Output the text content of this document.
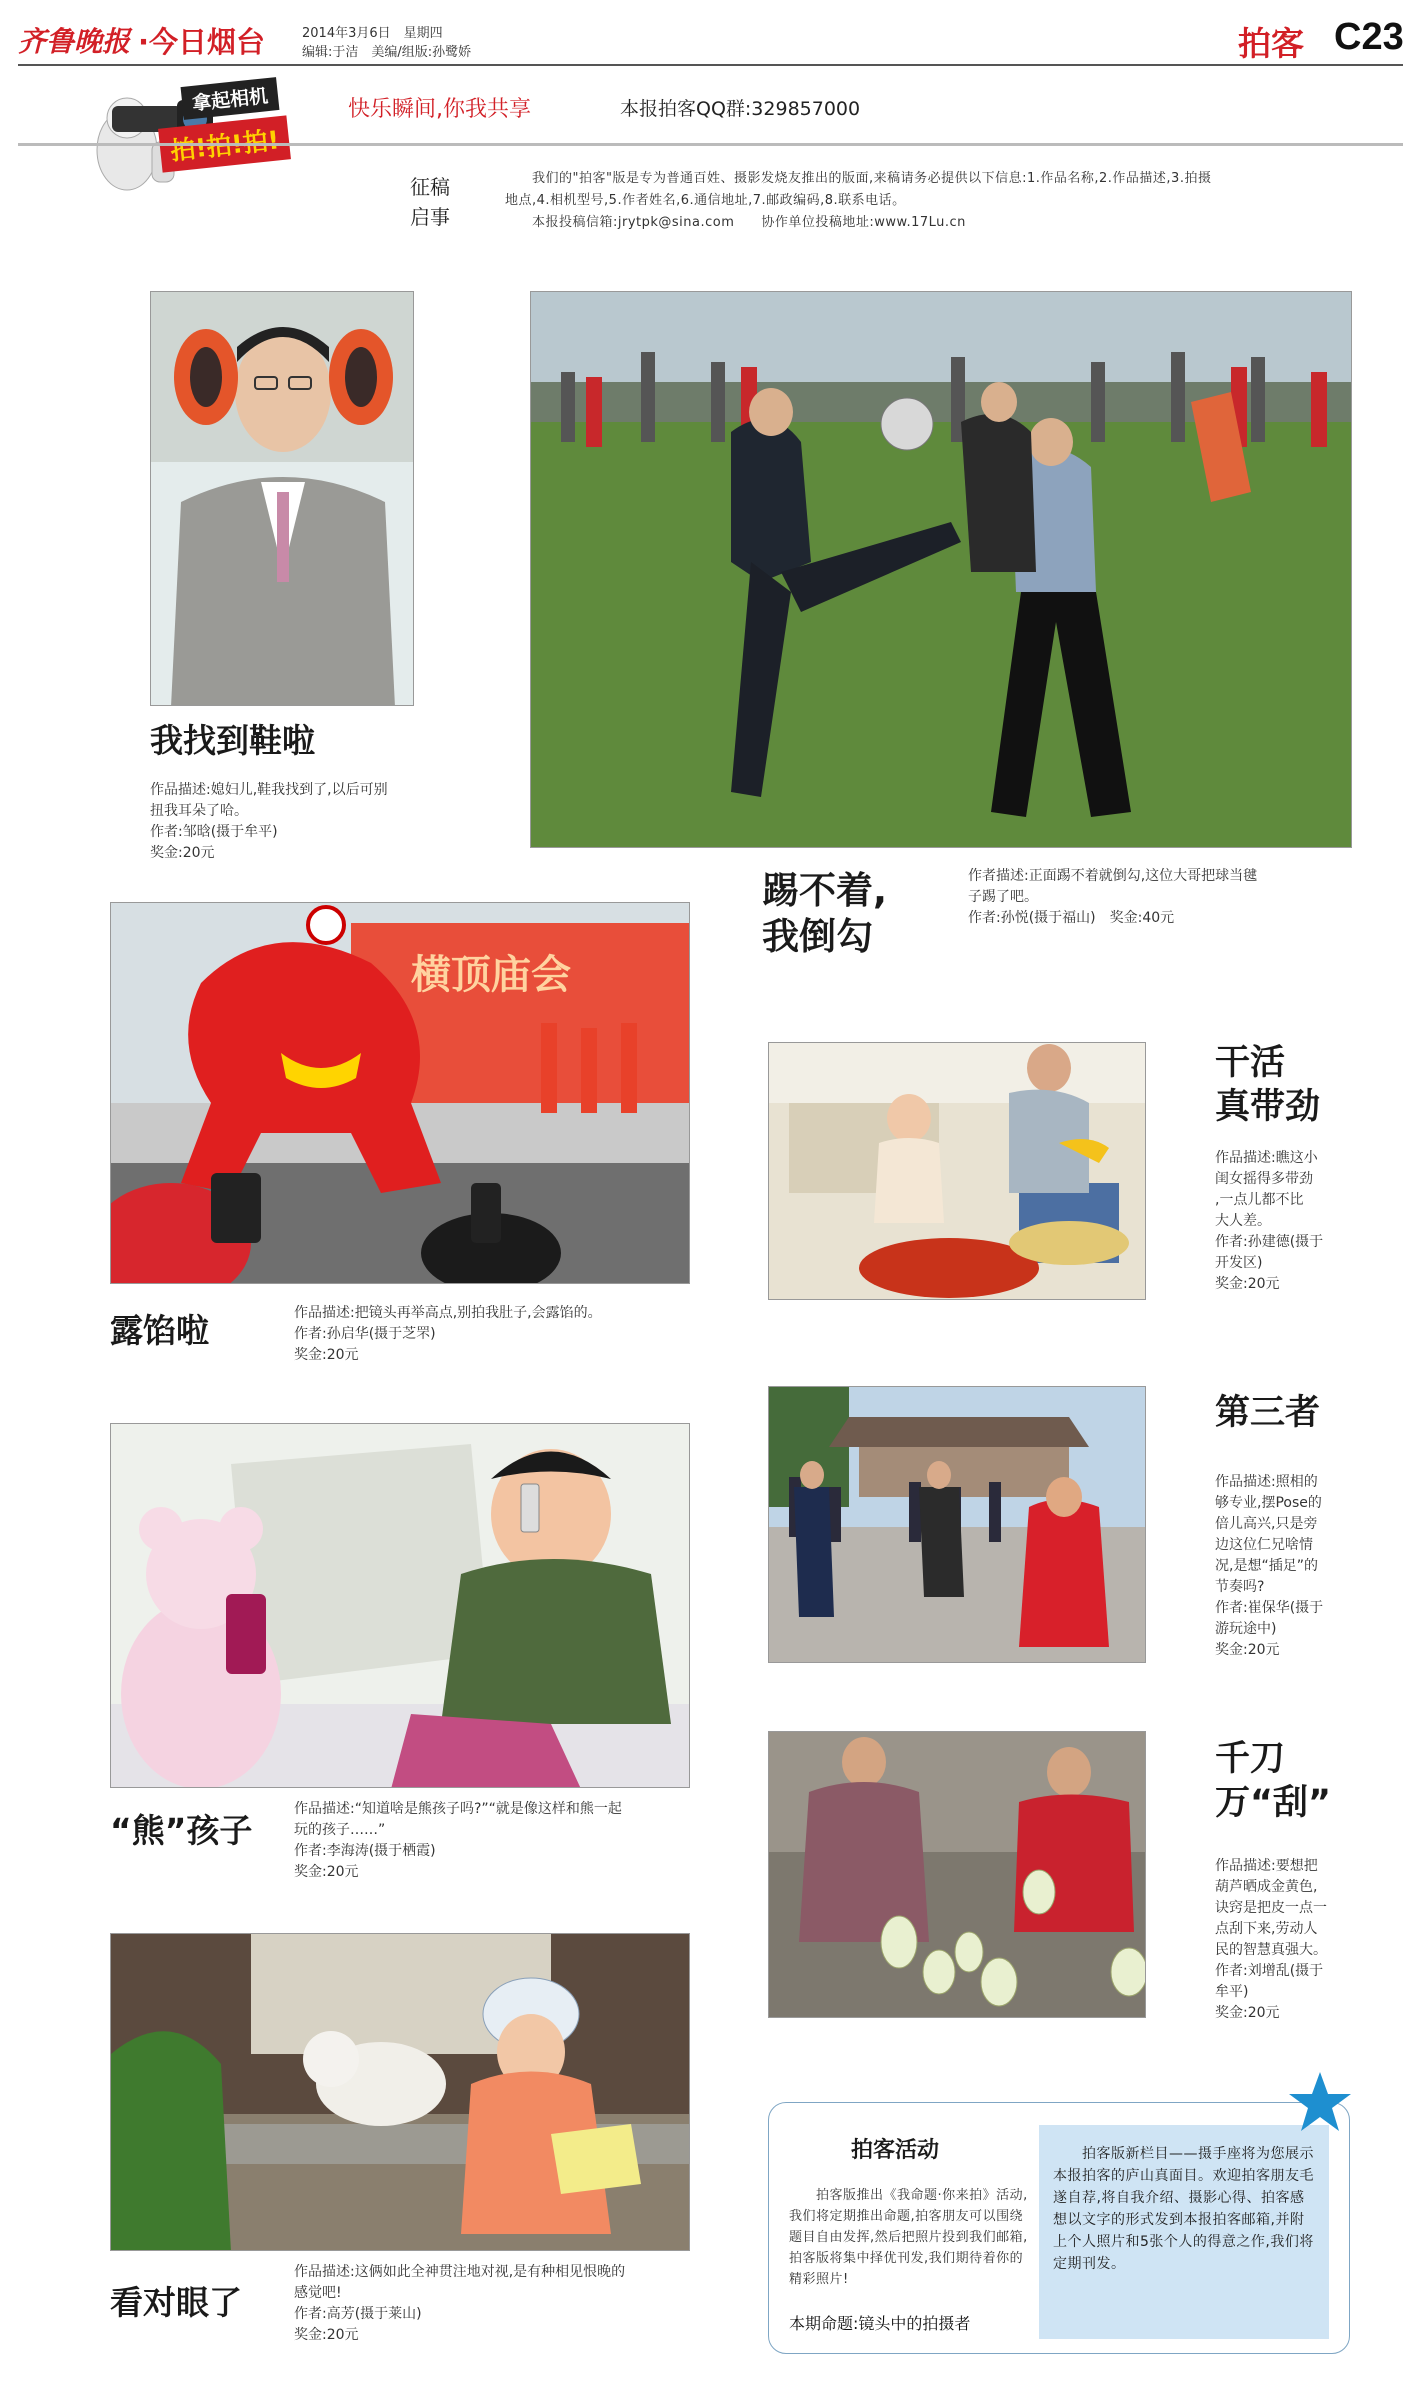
齐鲁晚报 ·今日烟台	2014年3月6日　星期四
编辑:于洁　美编/组版:孙鹭娇	拍客 C23
拿起相机
拍!拍!拍!
快乐瞬间,你我共享	本报拍客QQ群:329857000
征稿
启事
　　我们的"拍客"版是专为普通百姓、摄影发烧友推出的版面,来稿请务必提供以下信息:1.作品名称,2.作品描述,3.拍摄地点,4.相机型号,5.作者姓名,6.通信地址,7.邮政编码,8.联系电话。
　　本报投稿信箱:jrytpk@sina.com　　协作单位投稿地址:www.17Lu.cn
我找到鞋啦
作品描述:媳妇儿,鞋我找到了,以后可别
扭我耳朵了哈。
作者:邹晗(摄于牟平)
奖金:20元
踢不着,
我倒勾
作者描述:正面踢不着就倒勾,这位大哥把球当毽
子踢了吧。
作者:孙悦(摄于福山)　奖金:40元
横顶庙会
露馅啦	作品描述:把镜头再举高点,别拍我肚子,会露馅的。
作者:孙启华(摄于芝罘)
奖金:20元
干活
真带劲
作品描述:瞧这小
闺女摇得多带劲
,一点儿都不比
大人差。
作者:孙建德(摄于
开发区)
奖金:20元
“熊”孩子
作品描述:“知道啥是熊孩子吗?”“就是像这样和熊一起
玩的孩子……”
作者:李海涛(摄于栖霞)
奖金:20元
第三者
作品描述:照相的
够专业,摆Pose的
倍儿高兴,只是旁
边这位仁兄啥情
况,是想“插足”的
节奏吗?
作者:崔保华(摄于
游玩途中)
奖金:20元
千刀
万“刮”
作品描述:要想把
葫芦晒成金黄色,
诀窍是把皮一点一
点刮下来,劳动人
民的智慧真强大。
作者:刘增乱(摄于
牟平)
奖金:20元
看对眼了
作品描述:这俩如此全神贯注地对视,是有种相见恨晚的
感觉吧!
作者:高芳(摄于莱山)
奖金:20元
拍客活动
　　拍客版推出《我命题·你来拍》活动,我们将定期推出命题,拍客朋友可以围绕题目自由发挥,然后把照片投到我们邮箱,拍客版将集中择优刊发,我们期待着你的精彩照片!
本期命题:镜头中的拍摄者
　　拍客版新栏目——摄手座将为您展示本报拍客的庐山真面目。欢迎拍客朋友毛遂自荐,将自我介绍、摄影心得、拍客感想以文字的形式发到本报拍客邮箱,并附上个人照片和5张个人的得意之作,我们将定期刊发。
